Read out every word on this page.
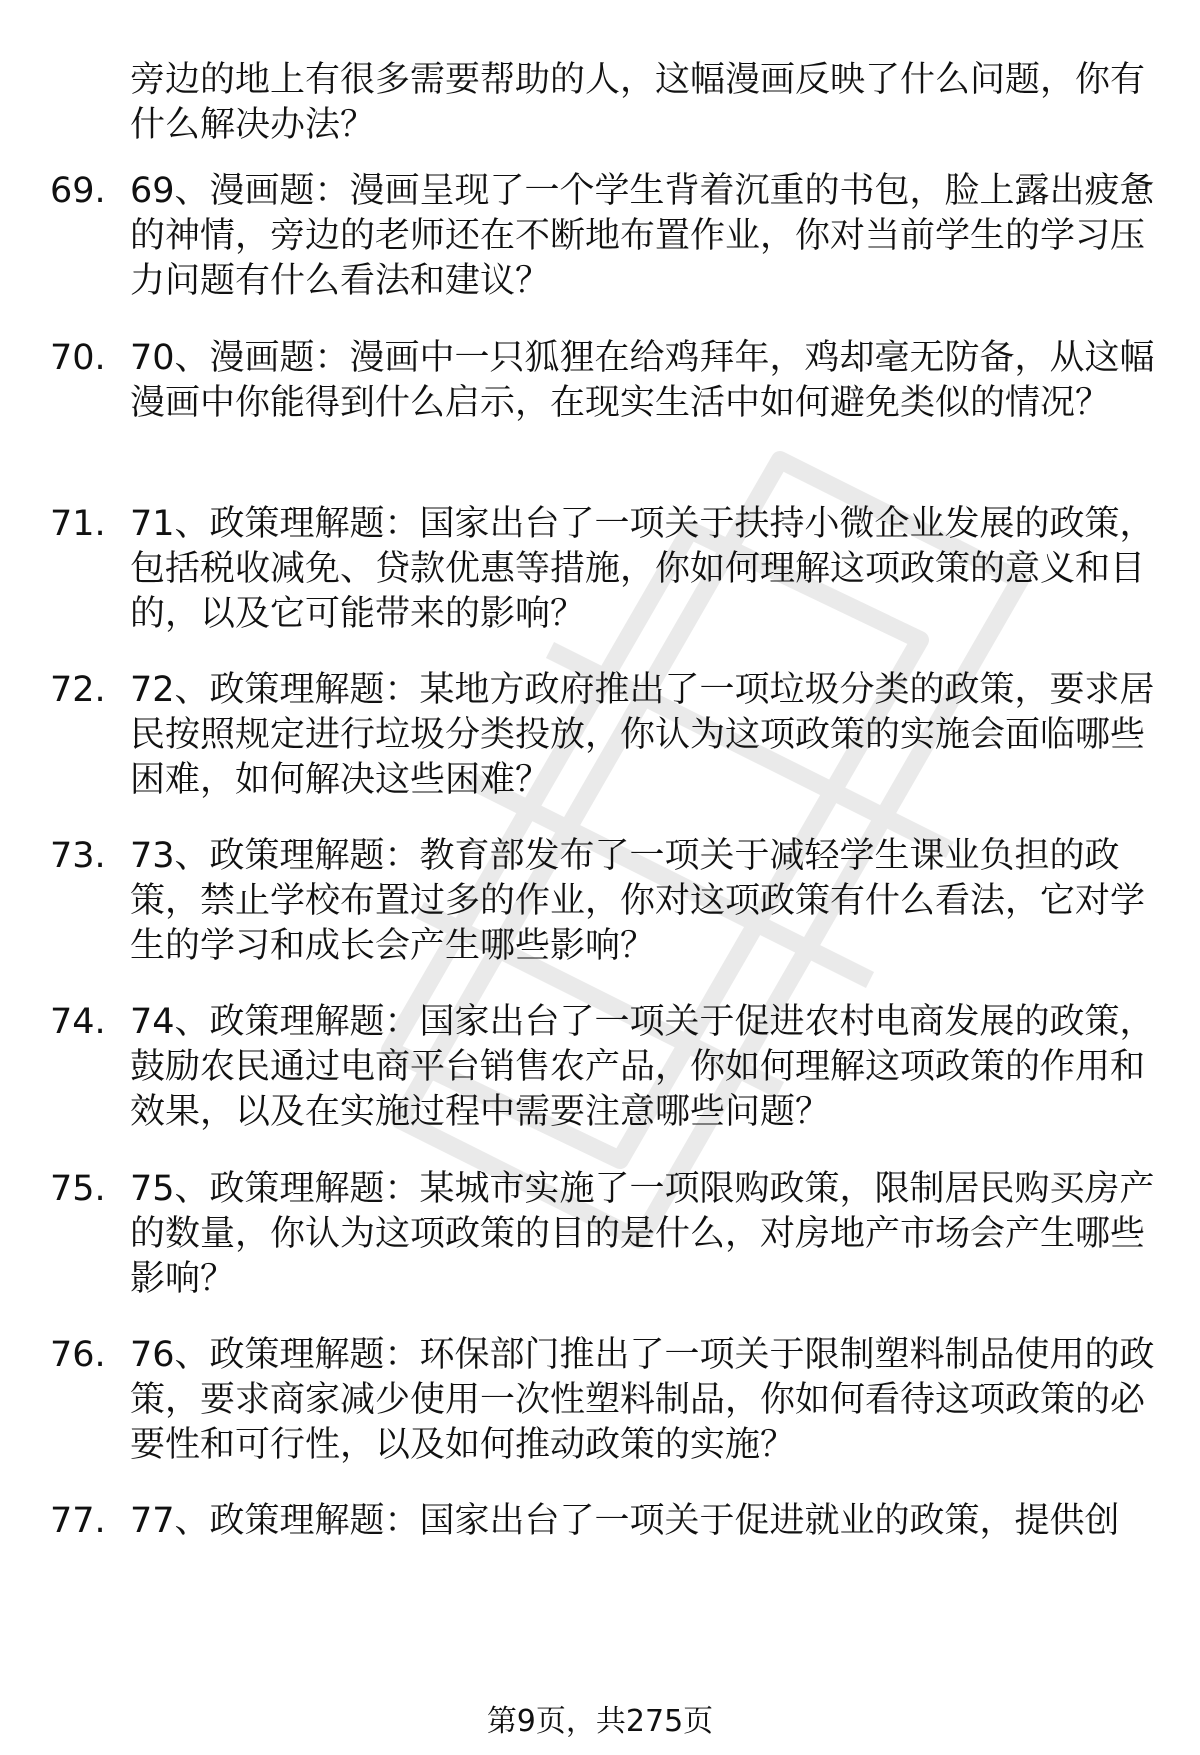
旁边的地上有很多需要帮助的人，这幅漫画反映了什么问题，你有什么解决办法？

69. 69、漫画题：漫画呈现了一个学生背着沉重的书包，脸上露出疲惫的神情，旁边的老师还在不断地布置作业，你对当前学生的学习压力问题有什么看法和建议？
70. 70、漫画题：漫画中一只狐狸在给鸡拜年，鸡却毫无防备，从这幅漫画中你能得到什么启示，在现实生活中如何避免类似的情况？
71. 71、政策理解题：国家出台了一项关于扶持小微企业发展的政策，包括税收减免、贷款优惠等措施，你如何理解这项政策的意义和目的，以及它可能带来的影响？
72. 72、政策理解题：某地方政府推出了一项垃圾分类的政策，要求居民按照规定进行垃圾分类投放，你认为这项政策的实施会面临哪些困难，如何解决这些困难？
73. 73、政策理解题：教育部发布了一项关于减轻学生课业负担的政策，禁止学校布置过多的作业，你对这项政策有什么看法，它对学生的学习和成长会产生哪些影响？
74. 74、政策理解题：国家出台了一项关于促进农村电商发展的政策，鼓励农民通过电商平台销售农产品，你如何理解这项政策的作用和效果，以及在实施过程中需要注意哪些问题？
75. 75、政策理解题：某城市实施了一项限购政策，限制居民购买房产的数量，你认为这项政策的目的是什么，对房地产市场会产生哪些影响？
76. 76、政策理解题：环保部门推出了一项关于限制塑料制品使用的政策，要求商家减少使用一次性塑料制品，你如何看待这项政策的必要性和可行性，以及如何推动政策的实施？
77. 77、政策理解题：国家出台了一项关于促进就业的政策，提供创
第9页，共275页
